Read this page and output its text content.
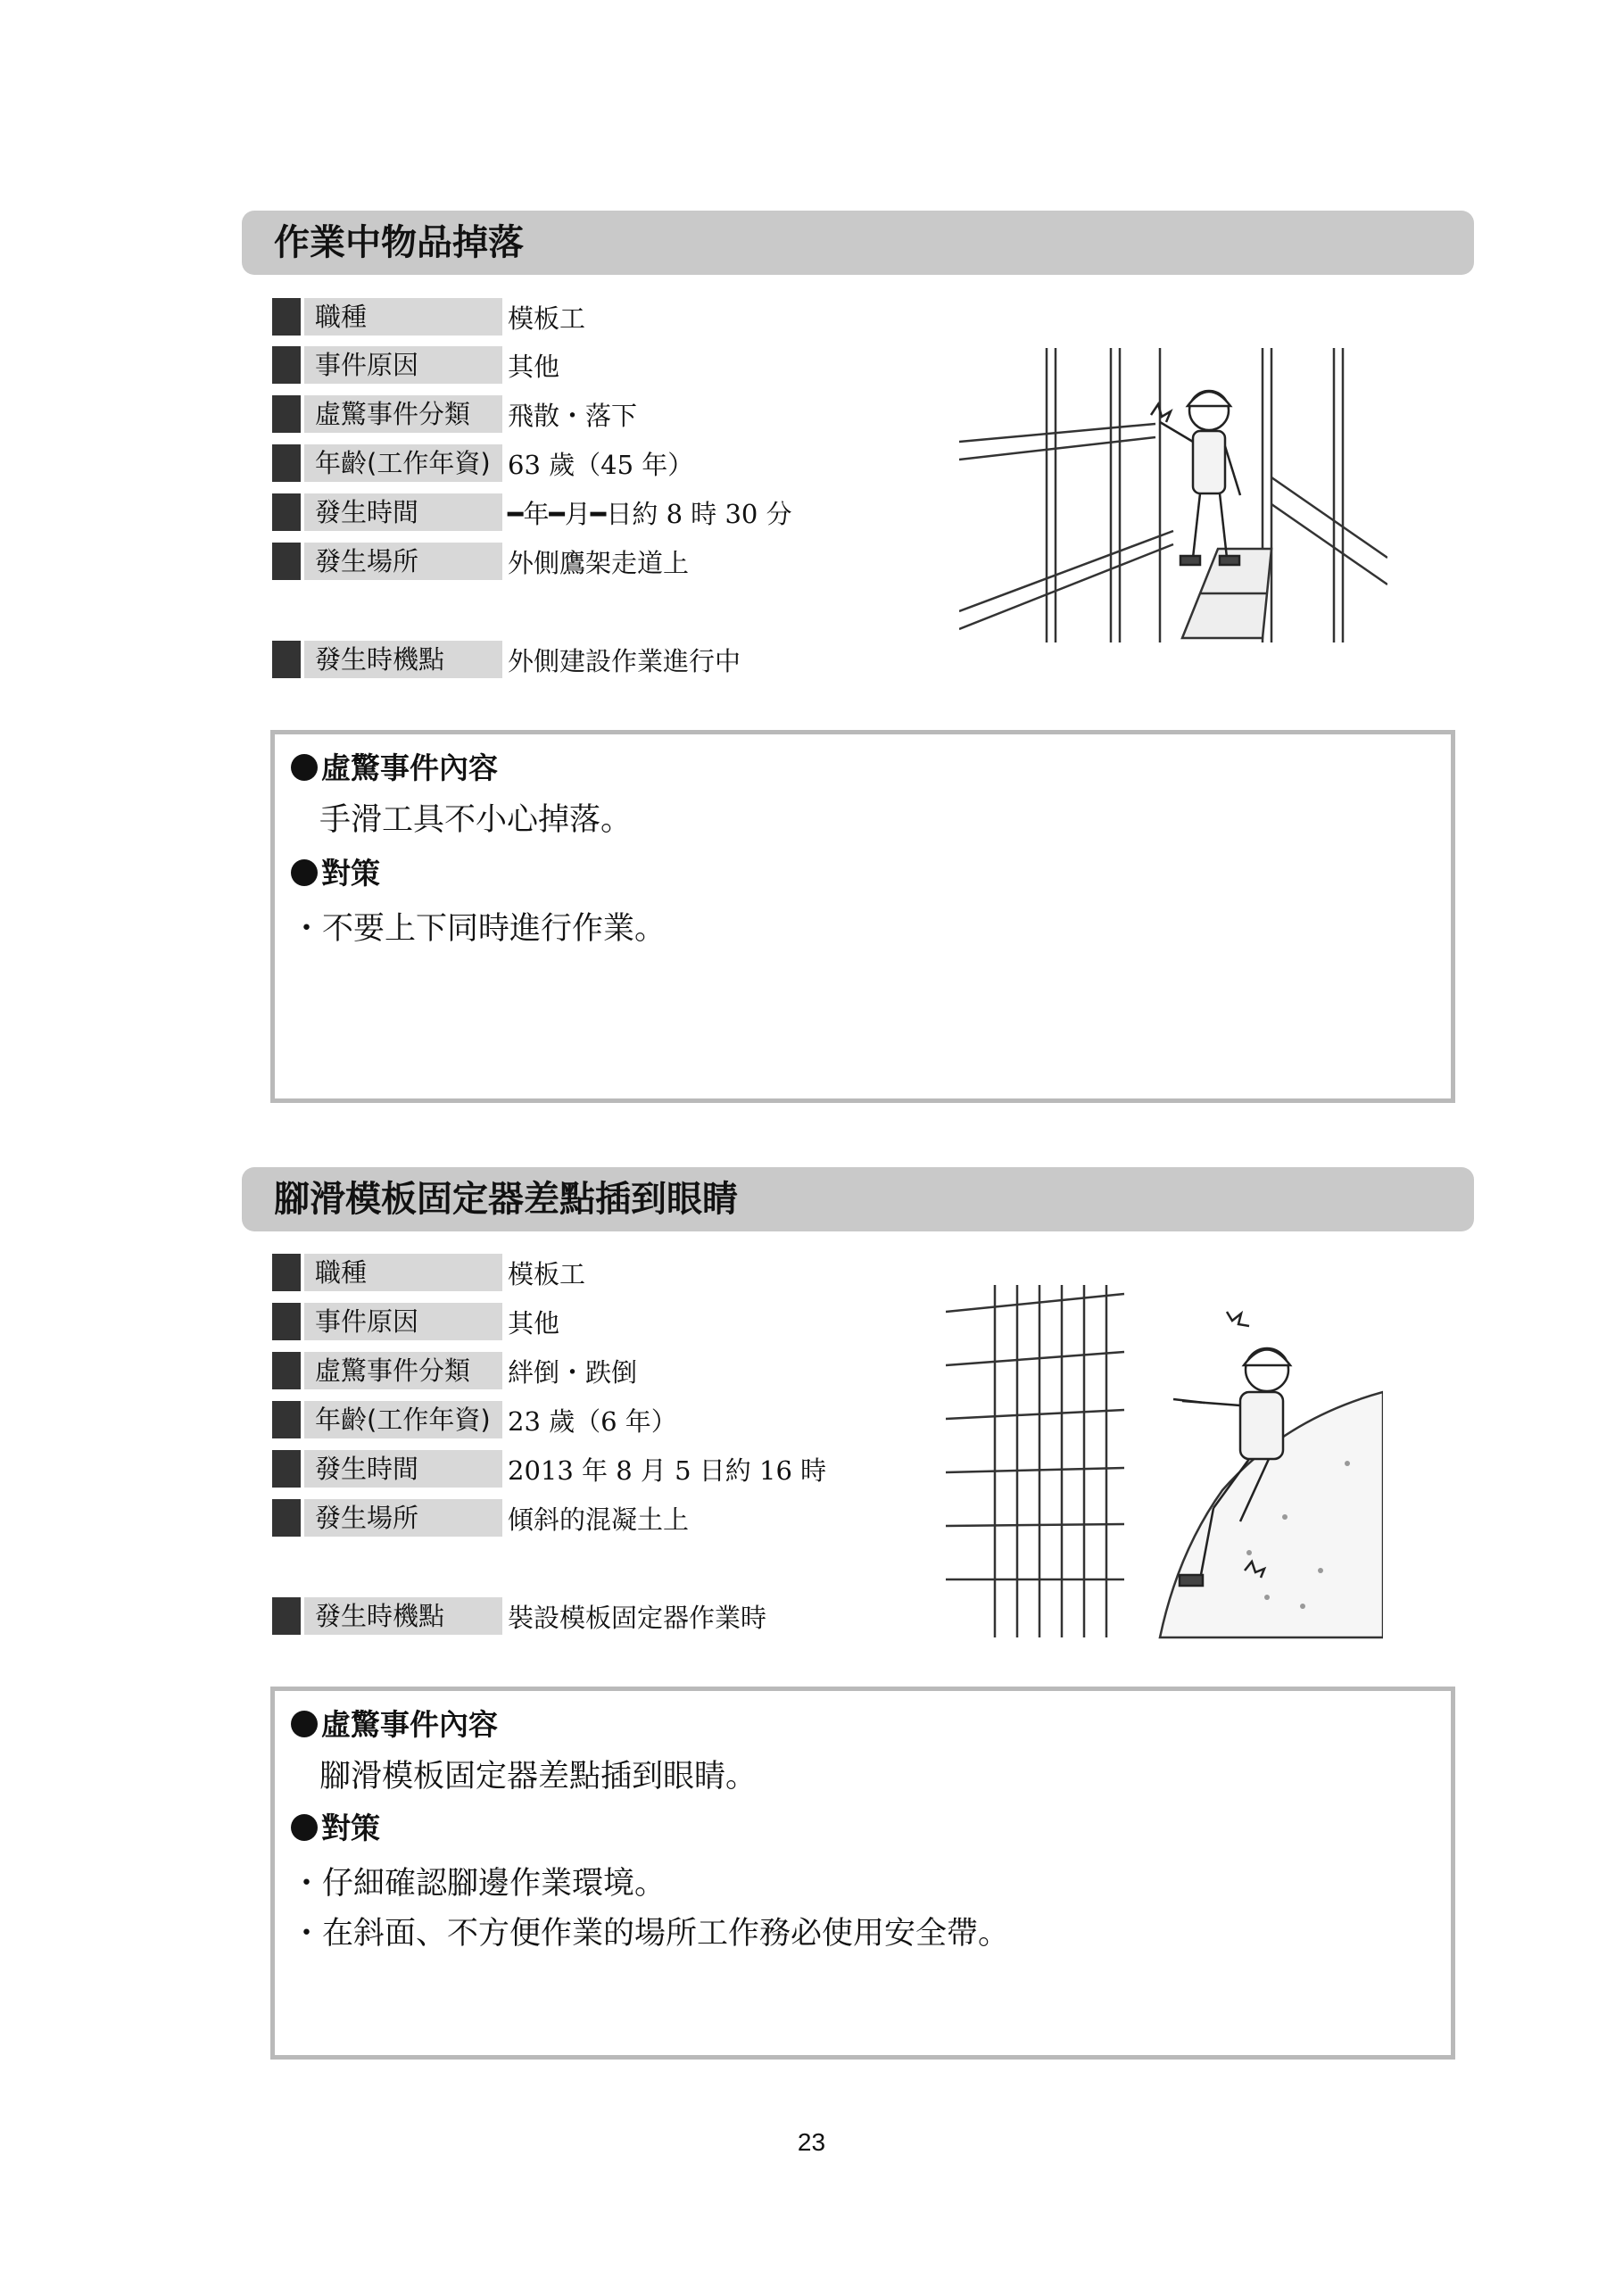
作業中物品掉落
職種	模板工
事件原因	其他
虛驚事件分類	飛散・落下
年齡(工作年資) 63 歲（45 年）
發生時間	━年━月━日約 8 時 30 分
發生場所	外側鷹架走道上
發生時機點	外側建設作業進行中
虛驚事件內容
手滑工具不小心掉落。
對策
・不要上下同時進行作業。
腳滑模板固定器差點插到眼睛
職種	模板工
事件原因	其他
虛驚事件分類	絆倒・跌倒
年齡(工作年資) 23 歲（6 年）
發生時間	2013 年 8 月 5 日約 16 時
發生場所	傾斜的混凝土上
發生時機點	裝設模板固定器作業時
虛驚事件內容
腳滑模板固定器差點插到眼睛。
對策
・仔細確認腳邊作業環境。
・在斜面、不方便作業的場所工作務必使用安全帶。
23
